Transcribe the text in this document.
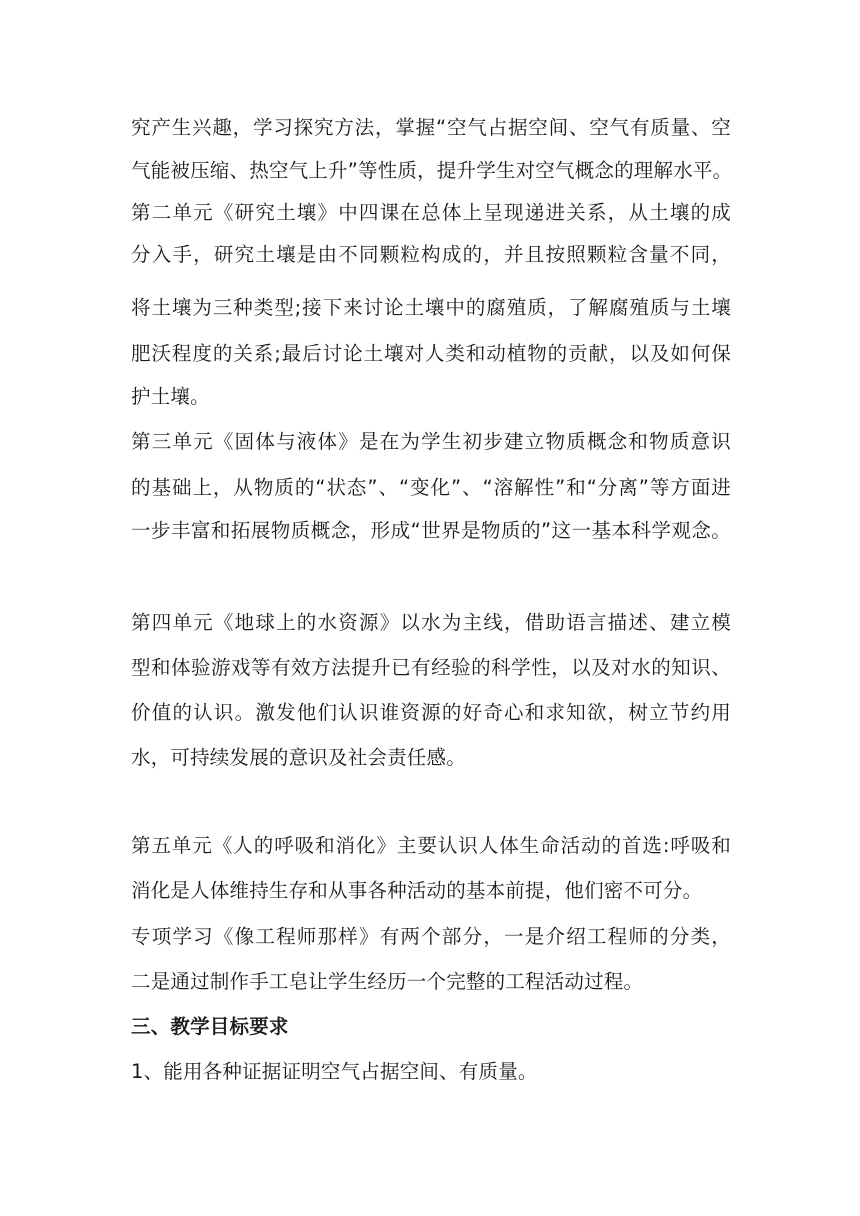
究产生兴趣，学习探究方法，掌握“空气占据空间、空气有质量、空
气能被压缩、热空气上升”等性质，提升学生对空气概念的理解水平。
第二单元《研究土壤》中四课在总体上呈现递进关系，从土壤的成
分入手，研究土壤是由不同颗粒构成的，并且按照颗粒含量不同，
将土壤为三种类型;接下来讨论土壤中的腐殖质，了解腐殖质与土壤
肥沃程度的关系;最后讨论土壤对人类和动植物的贡献，以及如何保
护土壤。
第三单元《固体与液体》是在为学生初步建立物质概念和物质意识
的基础上，从物质的“状态”、“变化”、“溶解性”和“分离”等方面进
一步丰富和拓展物质概念，形成“世界是物质的”这一基本科学观念。
第四单元《地球上的水资源》以水为主线，借助语言描述、建立模
型和体验游戏等有效方法提升已有经验的科学性，以及对水的知识、
价值的认识。激发他们认识谁资源的好奇心和求知欲，树立节约用
水，可持续发展的意识及社会责任感。
第五单元《人的呼吸和消化》主要认识人体生命活动的首选:呼吸和
消化是人体维持生存和从事各种活动的基本前提，他们密不可分。
专项学习《像工程师那样》有两个部分，一是介绍工程师的分类，
二是通过制作手工皂让学生经历一个完整的工程活动过程。
三、教学目标要求
1、能用各种证据证明空气占据空间、有质量。
